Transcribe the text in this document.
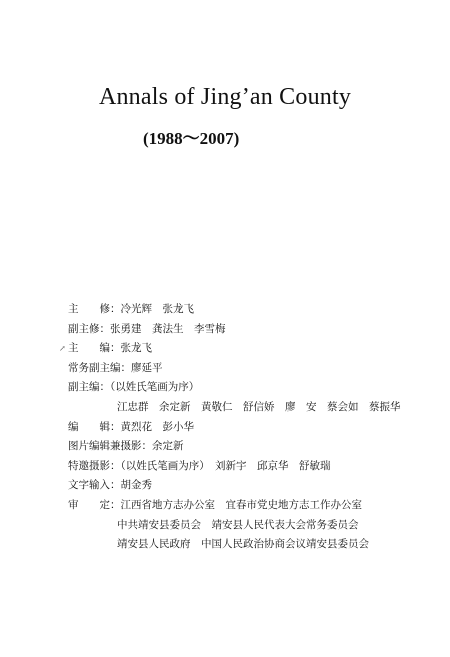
Annals of Jing’an County
(1988～2007)
主　　修：冷光辉　张龙飞
副主修：张勇建　龚法生　李雪梅
↗ 主　　编：张龙飞
常务副主编：廖延平
副主编：（以姓氏笔画为序）
江忠群　余定新　黄敬仁　舒信娇　廖　安　蔡会如　蔡振华
编　　辑：黄烈花　彭小华
图片编辑兼摄影：余定新
特邀摄影：（以姓氏笔画为序）　刘新宇　邱京华　舒敏瑞
文字输入：胡金秀
审　　定：江西省地方志办公室　宜春市党史地方志工作办公室
中共靖安县委员会　靖安县人民代表大会常务委员会
靖安县人民政府　中国人民政治协商会议靖安县委员会
